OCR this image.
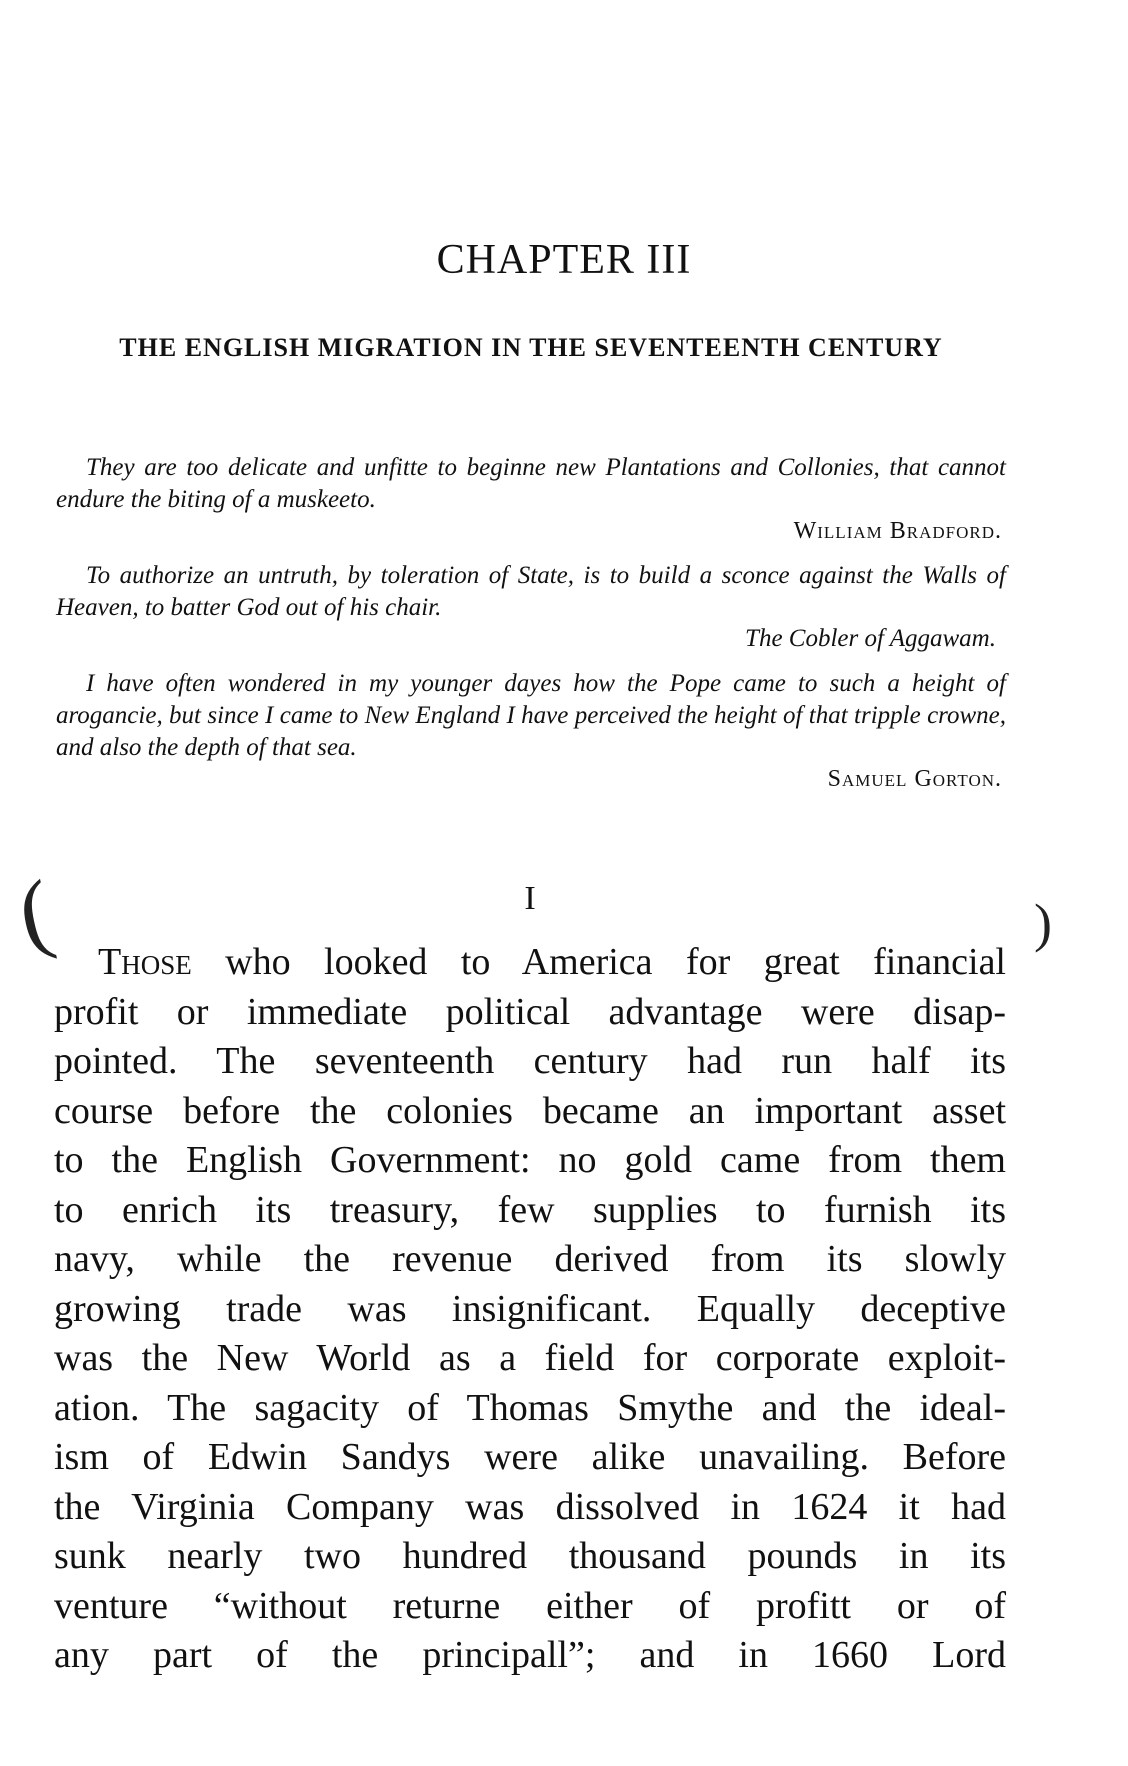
(	)
CHAPTER III
THE ENGLISH MIGRATION IN THE SEVENTEENTH CENTURY
They are too delicate and unfitte to beginne new Plantations and Collonies, that cannot endure the biting of a muskeeto.
William Bradford.
To authorize an untruth, by toleration of State, is to build a sconce against the Walls of Heaven, to batter God out of his chair.
The Cobler of Aggawam.
I have often wondered in my younger dayes how the Pope came to such a height of arogancie, but since I came to New England I have perceived the height of that tripple crowne, and also the depth of that sea.
Samuel Gorton.
I
Those who looked to America for great financial
profit or immediate political advantage were disap-
pointed. The seventeenth century had run half its
course before the colonies became an important asset
to the English Government: no gold came from them
to enrich its treasury, few supplies to furnish its
navy, while the revenue derived from its slowly
growing trade was insignificant. Equally deceptive
was the New World as a field for corporate exploit-
ation. The sagacity of Thomas Smythe and the ideal-
ism of Edwin Sandys were alike unavailing. Before
the Virginia Company was dissolved in 1624 it had
sunk nearly two hundred thousand pounds in its
venture “without returne either of profitt or of
any part of the principall”; and in 1660 Lord
